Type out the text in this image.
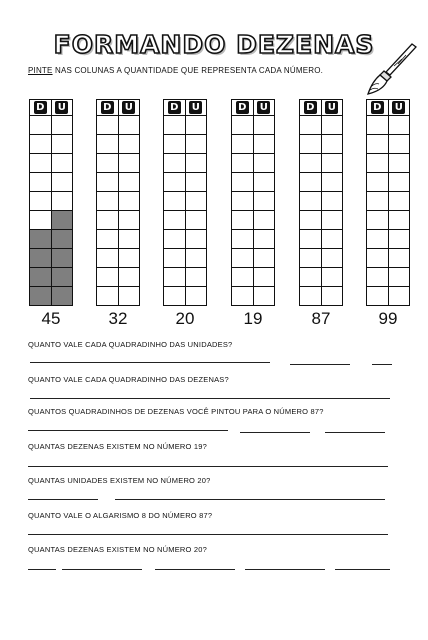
FORMANDO DEZENAS
PINTE NAS COLUNAS A QUANTIDADE QUE REPRESENTA CADA NÚMERO.
D U
45
D U
32
D U
20
D U
19
D U
87
D U
99
QUANTO VALE CADA QUADRADINHO DAS UNIDADES?
QUANTO VALE CADA QUADRADINHO DAS DEZENAS?
QUANTOS QUADRADINHOS DE DEZENAS VOCÊ PINTOU PARA O NÚMERO 87?
QUANTAS DEZENAS EXISTEM NO NÚMERO 19?
QUANTAS UNIDADES EXISTEM NO NÚMERO 20?
QUANTO VALE O ALGARISMO 8 DO NÚMERO 87?
QUANTAS DEZENAS EXISTEM NO NÚMERO 20?
